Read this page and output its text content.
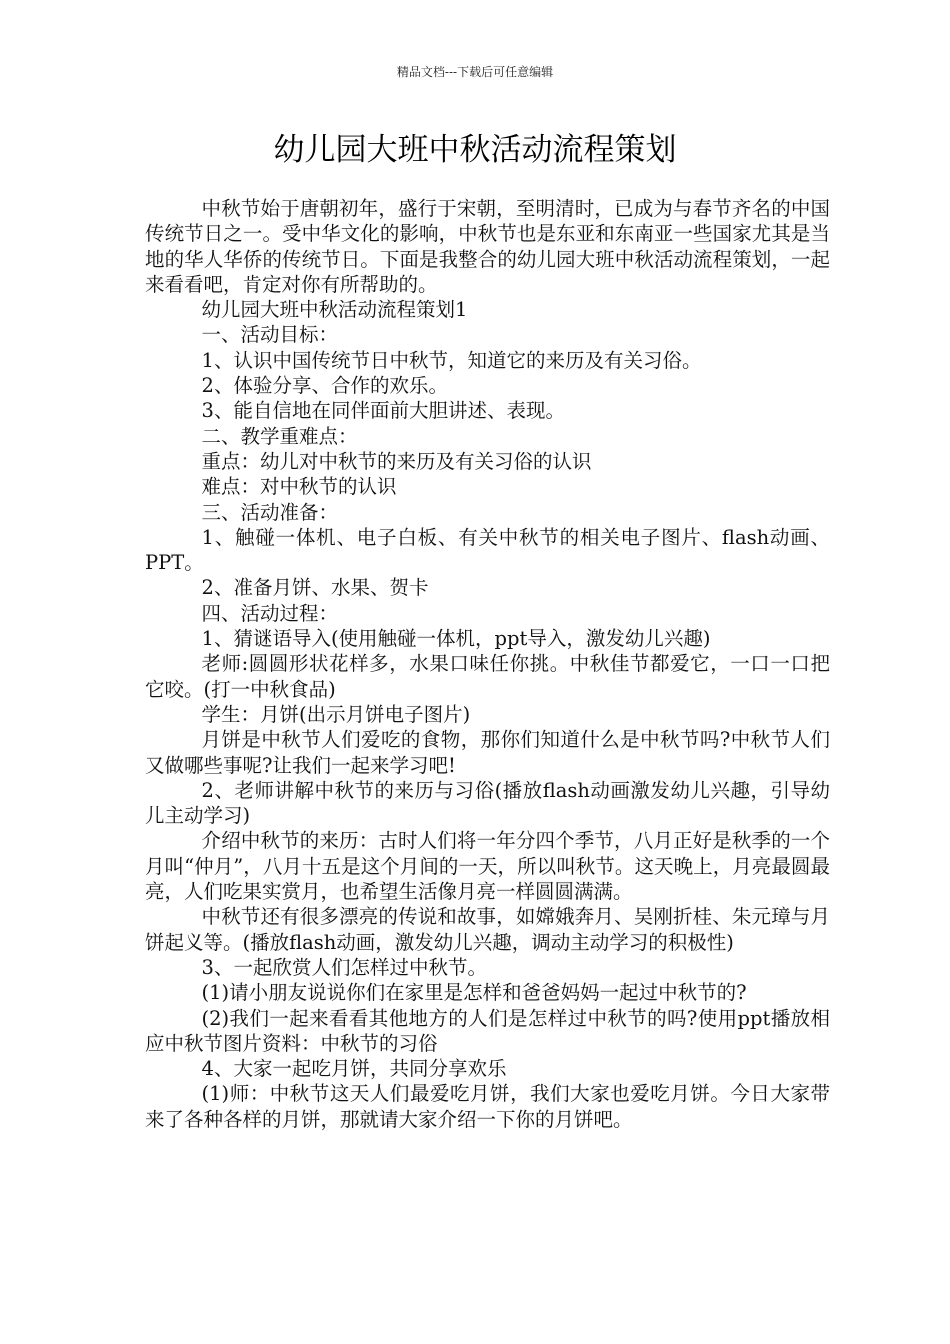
精品文档---下载后可任意编辑
幼儿园大班中秋活动流程策划

中秋节始于唐朝初年，盛行于宋朝，至明清时，已成为与春节齐名的中国传统节日之一。受中华文化的影响，中秋节也是东亚和东南亚一些国家尤其是当地的华人华侨的传统节日。下面是我整合的幼儿园大班中秋活动流程策划，一起来看看吧，肯定对你有所帮助的。

幼儿园大班中秋活动流程策划1

一、活动目标：

1、认识中国传统节日中秋节，知道它的来历及有关习俗。

2、体验分享、合作的欢乐。

3、能自信地在同伴面前大胆讲述、表现。

二、教学重难点：

重点：幼儿对中秋节的来历及有关习俗的认识

难点：对中秋节的认识

三、活动准备：

1、触碰一体机、电子白板、有关中秋节的相关电子图片、flash动画、PPT。

2、准备月饼、水果、贺卡

四、活动过程：

1、猜谜语导入(使用触碰一体机，ppt导入，激发幼儿兴趣)

老师:圆圆形状花样多，水果口味任你挑。中秋佳节都爱它，一口一口把它咬。(打一中秋食品)

学生：月饼(出示月饼电子图片)

月饼是中秋节人们爱吃的食物，那你们知道什么是中秋节吗?中秋节人们又做哪些事呢?让我们一起来学习吧!

2、老师讲解中秋节的来历与习俗(播放flash动画激发幼儿兴趣，引导幼儿主动学习)

介绍中秋节的来历：古时人们将一年分四个季节，八月正好是秋季的一个月叫“仲月”，八月十五是这个月间的一天，所以叫秋节。这天晚上，月亮最圆最亮，人们吃果实赏月，也希望生活像月亮一样圆圆满满。

中秋节还有很多漂亮的传说和故事，如嫦娥奔月、吴刚折桂、朱元璋与月饼起义等。(播放flash动画，激发幼儿兴趣，调动主动学习的积极性)

3、一起欣赏人们怎样过中秋节。

(1)请小朋友说说你们在家里是怎样和爸爸妈妈一起过中秋节的?

(2)我们一起来看看其他地方的人们是怎样过中秋节的吗?使用ppt播放相应中秋节图片资料：中秋节的习俗

4、大家一起吃月饼，共同分享欢乐

(1)师：中秋节这天人们最爱吃月饼，我们大家也爱吃月饼。今日大家带来了各种各样的月饼，那就请大家介绍一下你的月饼吧。
